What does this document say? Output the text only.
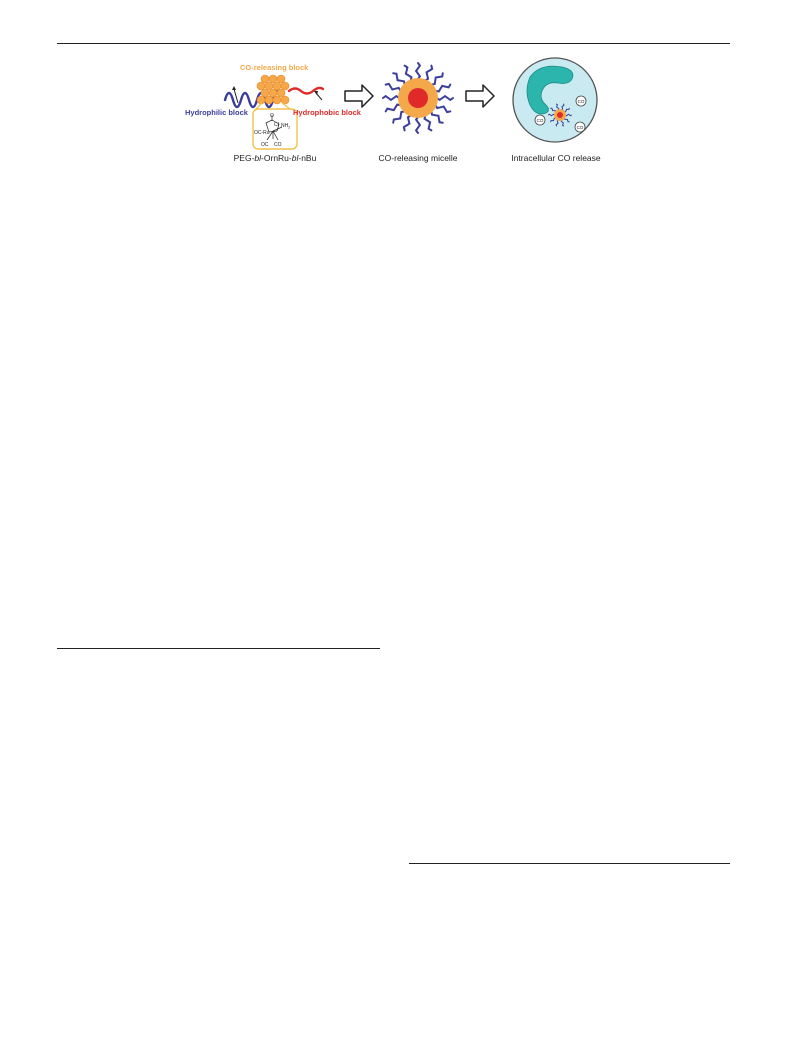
O
Cl
OC-Ru
$NH_2$
OC CO
CO-releasing block
Hydrophilic block	Hydrophobic block
PEG-bl-OrnRu-bl-nBu	CO-releasing micelle
CO
CO
CO
Intracellular CO release
